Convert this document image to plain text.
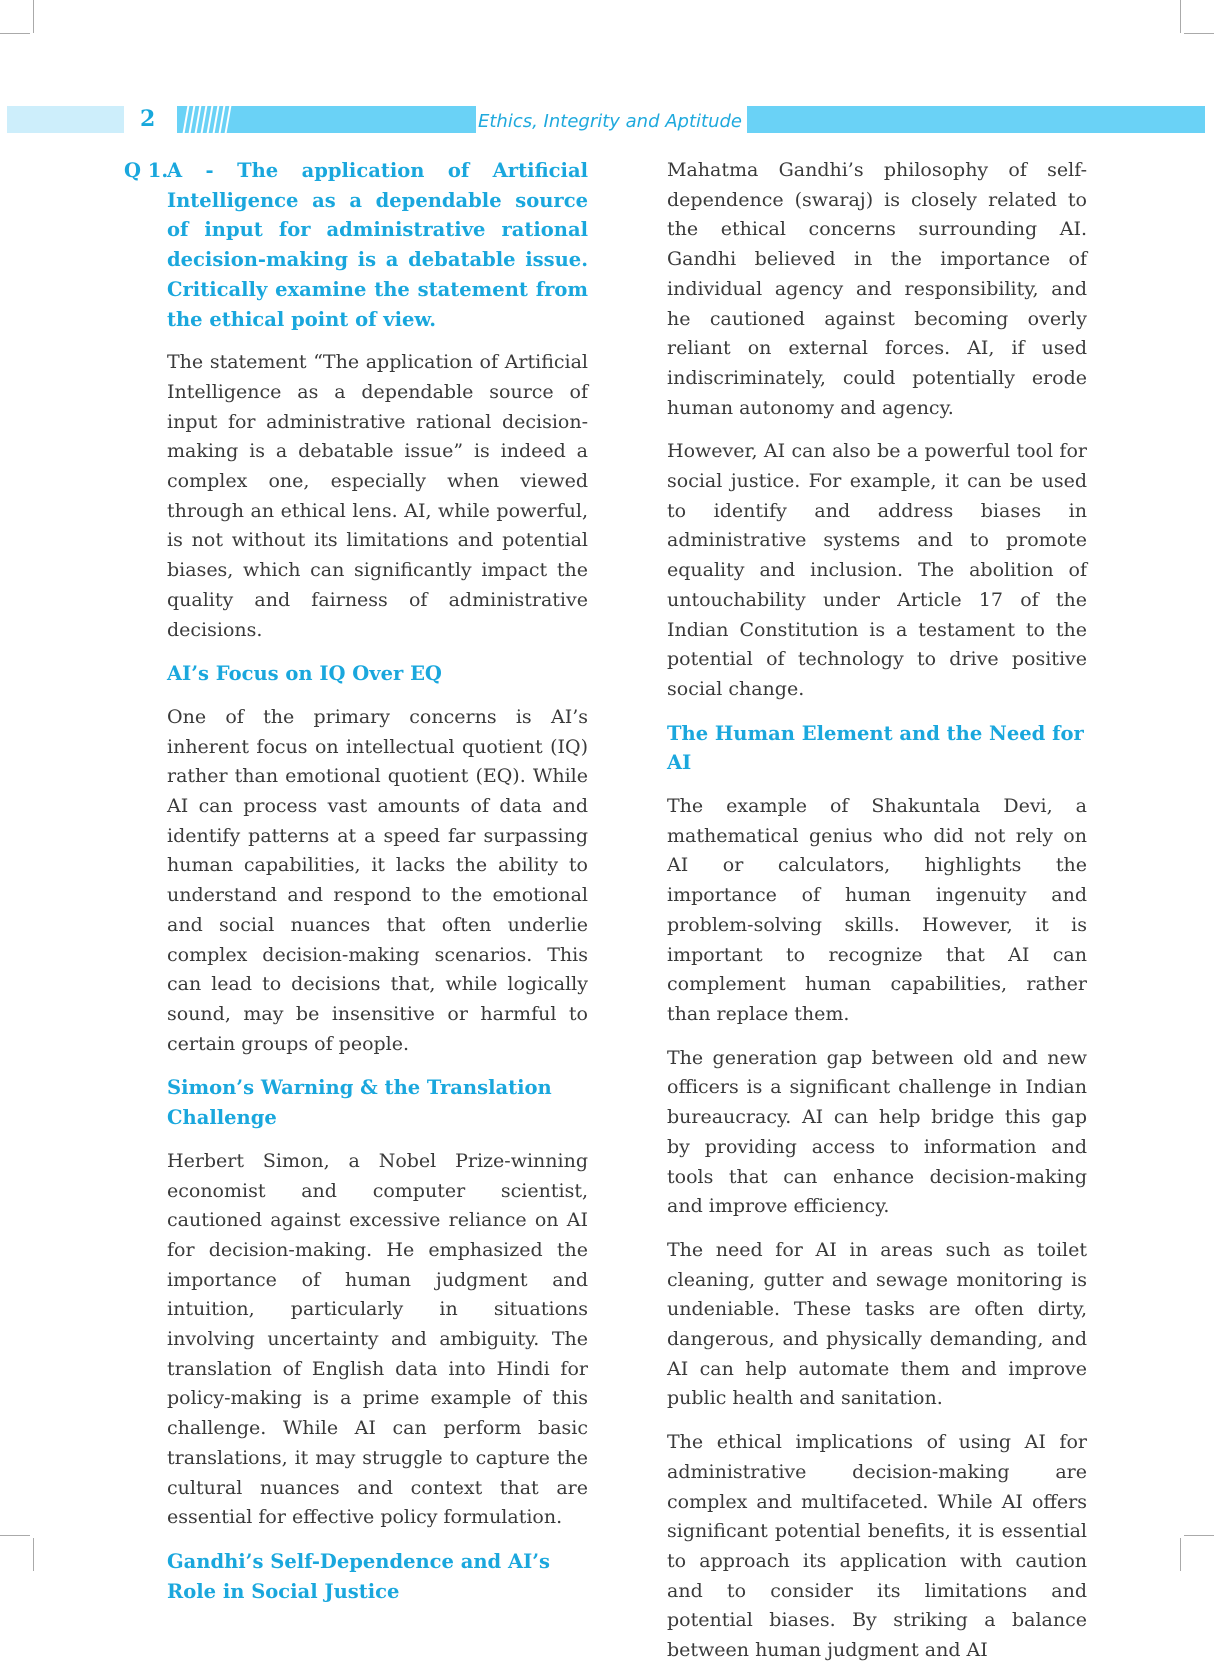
2	Ethics, Integrity and Aptitude
Q 1.
A - The application of Artificial Intelligence as a dependable source of input for administrative rational decision-making is a debatable issue. Critically examine the statement from the ethical point of view.

The statement “The application of Artificial Intelligence as a dependable source of input for administrative rational decision-making is a debatable issue” is indeed a complex one, especially when viewed through an ethical lens. AI, while powerful, is not without its limitations and potential biases, which can significantly impact the quality and fairness of administrative decisions.

AI’s Focus on IQ Over EQ

One of the primary concerns is AI’s inherent focus on intellectual quotient (IQ) rather than emotional quotient (EQ). While AI can process vast amounts of data and identify patterns at a speed far surpassing human capabilities, it lacks the ability to understand and respond to the emotional and social nuances that often underlie complex decision-making scenarios. This can lead to decisions that, while logically sound, may be insensitive or harmful to certain groups of people.

Simon’s Warning & the Translation Challenge

Herbert Simon, a Nobel Prize-winning economist and computer scientist, cautioned against excessive reliance on AI for decision-making. He emphasized the importance of human judgment and intuition, particularly in situations involving uncertainty and ambiguity. The translation of English data into Hindi for policy-making is a prime example of this challenge. While AI can perform basic translations, it may struggle to capture the cultural nuances and context that are essential for effective policy formulation.

Gandhi’s Self-Dependence and AI’s Role in Social Justice

Mahatma Gandhi’s philosophy of self-dependence (swaraj) is closely related to the ethical concerns surrounding AI. Gandhi believed in the importance of individual agency and responsibility, and he cautioned against becoming overly reliant on external forces. AI, if used indiscriminately, could potentially erode human autonomy and agency.

However, AI can also be a powerful tool for social justice. For example, it can be used to identify and address biases in administrative systems and to promote equality and inclusion. The abolition of untouchability under Article 17 of the Indian Constitution is a testament to the potential of technology to drive positive social change.

The Human Element and the Need for AI

The example of Shakuntala Devi, a mathematical genius who did not rely on AI or calculators, highlights the importance of human ingenuity and problem-solving skills. However, it is important to recognize that AI can complement human capabilities, rather than replace them.

The generation gap between old and new officers is a significant challenge in Indian bureaucracy. AI can help bridge this gap by providing access to information and tools that can enhance decision-making and improve efficiency.

The need for AI in areas such as toilet cleaning, gutter and sewage monitoring is undeniable. These tasks are often dirty, dangerous, and physically demanding, and AI can help automate them and improve public health and sanitation.

The ethical implications of using AI for administrative decision-making are complex and multifaceted. While AI offers significant potential benefits, it is essential to approach its application with caution and to consider its limitations and potential biases. By striking a balance between human judgment and AI
